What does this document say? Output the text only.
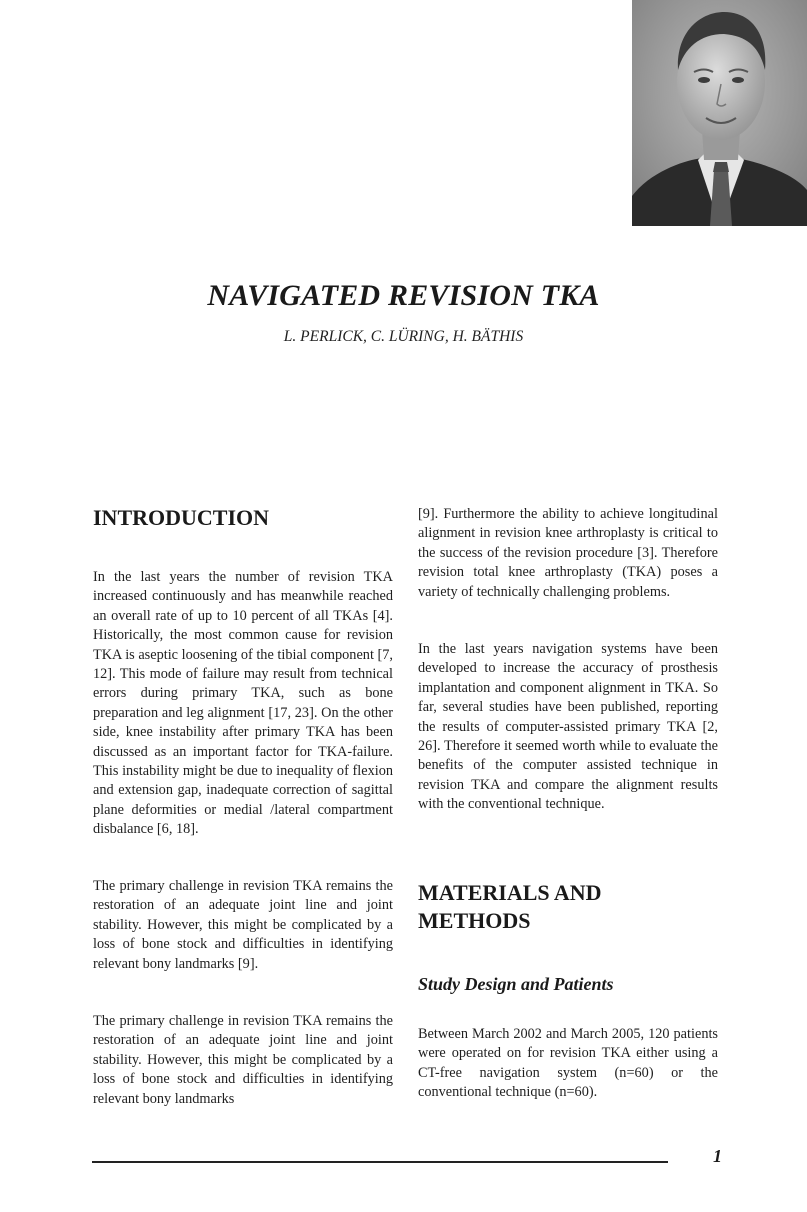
NAVIGATED REVISION TKA
L. PERLICK, C. LÜRING, H. BÄTHIS
INTRODUCTION

In the last years the number of revision TKA increased continuously and has meanwhile reached an overall rate of up to 10 percent of all TKAs [4]. Historically, the most common cause for revision TKA is aseptic loosening of the tibial component [7, 12]. This mode of failure may result from technical errors during primary TKA, such as bone preparation and leg alignment [17, 23]. On the other side, knee instability after primary TKA has been discussed as an important factor for TKA-failure. This instability might be due to inequality of flexion and extension gap, inadequate correction of sagittal plane deformities or medial /lateral compartment disbalance [6, 18].

The primary challenge in revision TKA remains the restoration of an adequate joint line and joint stability. However, this might be complicated by a loss of bone stock and difficulties in identifying relevant bony landmarks [9].

The primary challenge in revision TKA remains the restoration of an adequate joint line and joint stability. However, this might be complicated by a loss of bone stock and difficulties in identifying relevant bony landmarks

[9]. Furthermore the ability to achieve longitudinal alignment in revision knee arthroplasty is critical to the success of the revision procedure [3]. Therefore revision total knee arthroplasty (TKA) poses a variety of technically challenging problems.

In the last years navigation systems have been developed to increase the accuracy of prosthesis implantation and component alignment in TKA. So far, several studies have been published, reporting the results of computer-assisted primary TKA [2, 26]. Therefore it seemed worth while to evaluate the benefits of the computer assisted technique in revision TKA and compare the alignment results with the conventional technique.

MATERIALS AND METHODS
Study Design and Patients

Between March 2002 and March 2005, 120 patients were operated on for revision TKA either using a CT-free navigation system (n=60) or the conventional technique (n=60).

1
